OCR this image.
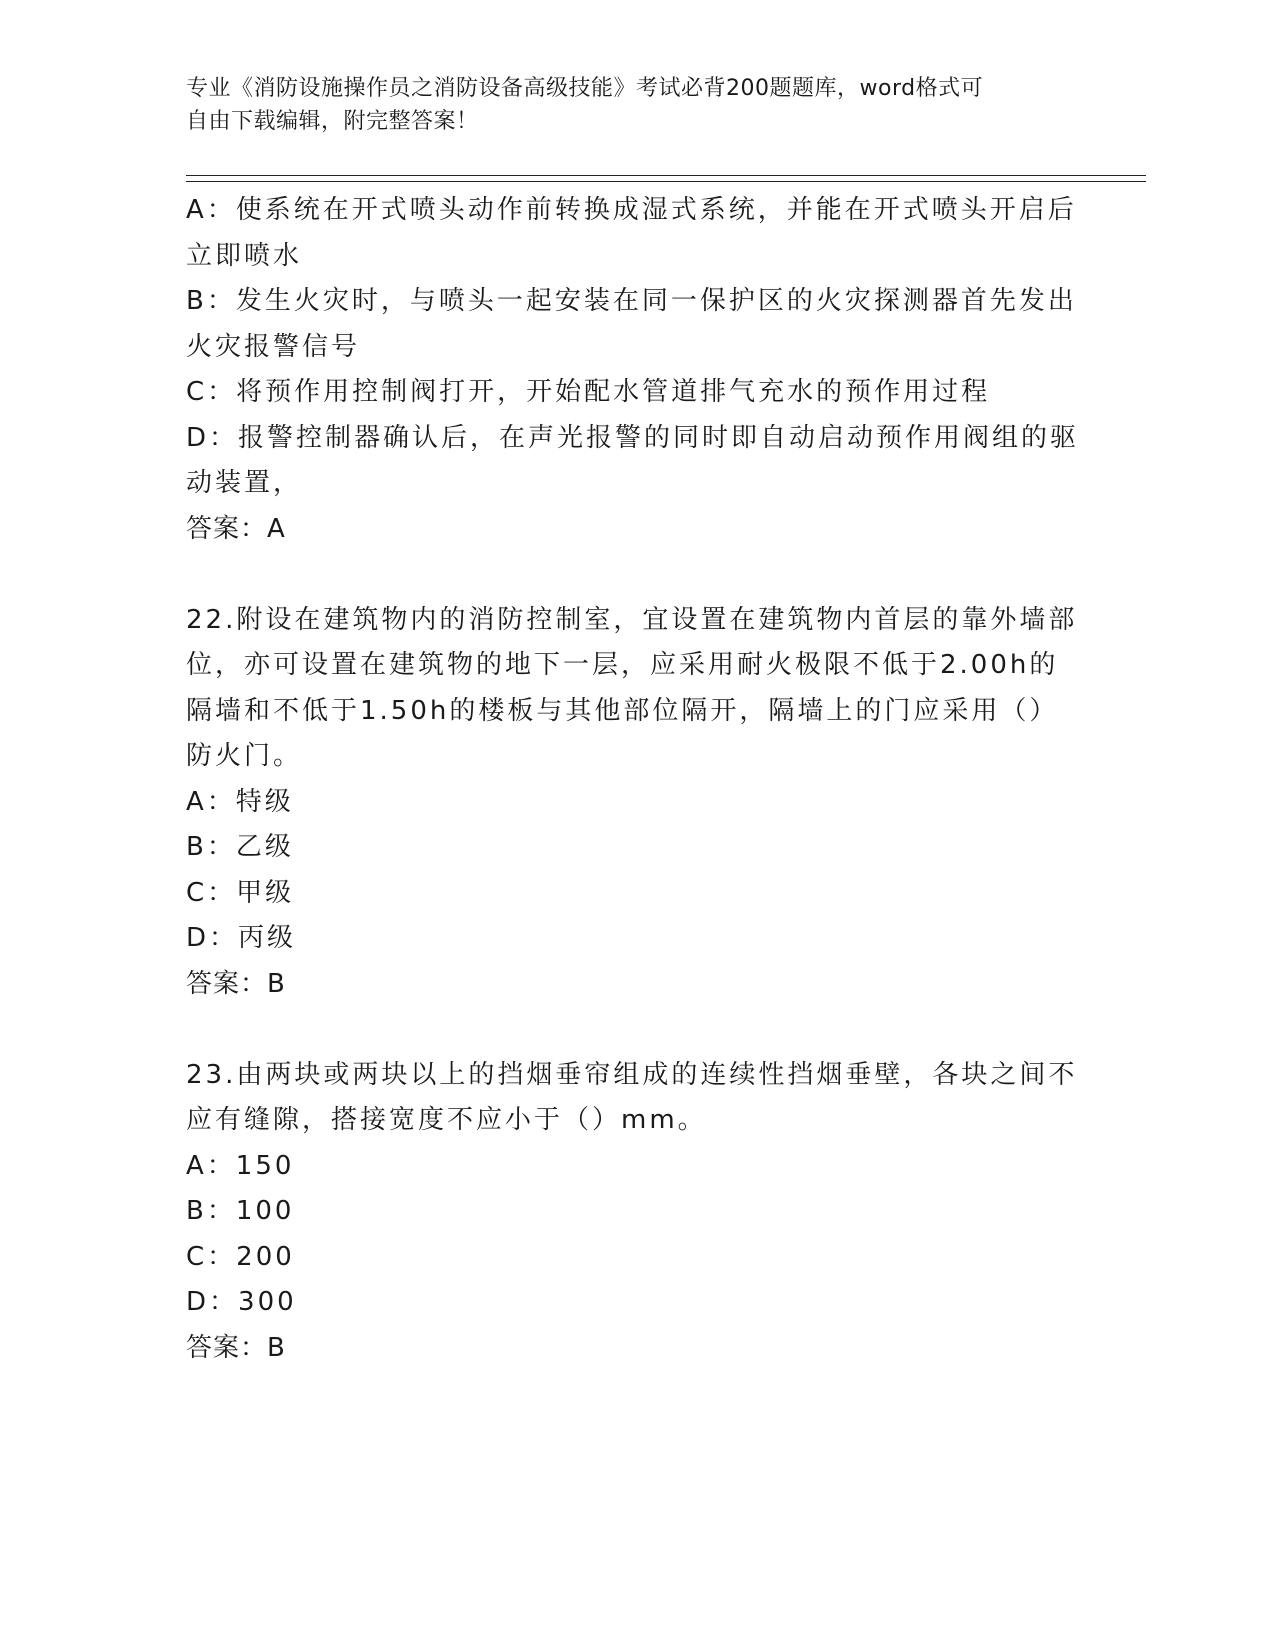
专业《消防设施操作员之消防设备高级技能》考试必背200题题库，word格式可
自由下载编辑，附完整答案！
A：使系统在开式喷头动作前转换成湿式系统，并能在开式喷头开启后
立即喷水
B：发生火灾时，与喷头一起安装在同一保护区的火灾探测器首先发出
火灾报警信号
C：将预作用控制阀打开，开始配水管道排气充水的预作用过程
D：报警控制器确认后，在声光报警的同时即自动启动预作用阀组的驱
动装置，
答案：A
22.附设在建筑物内的消防控制室，宜设置在建筑物内首层的靠外墙部
位，亦可设置在建筑物的地下一层，应采用耐火极限不低于2.00h的
隔墙和不低于1.50h的楼板与其他部位隔开，隔墙上的门应采用（）
防火门。
A：特级
B：乙级
C：甲级
D：丙级
答案：B
23.由两块或两块以上的挡烟垂帘组成的连续性挡烟垂壁，各块之间不
应有缝隙，搭接宽度不应小于（）mm。
A：150
B：100
C：200
D：300
答案：B
